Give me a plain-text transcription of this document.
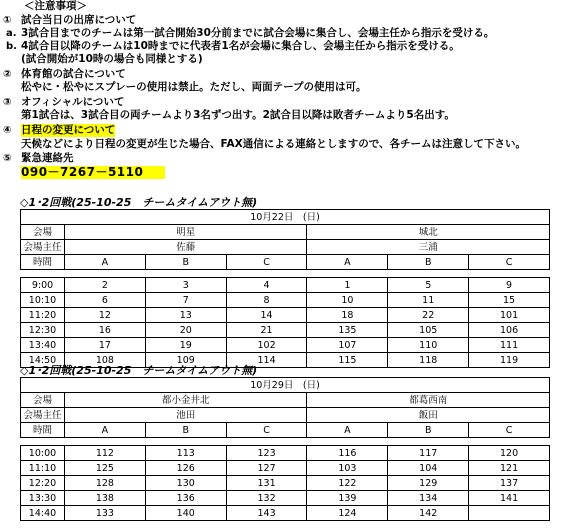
＜注意事項＞
① 試合当日の出席について
a. 3試合目までのチームは第一試合開始30分前までに試合会場に集合し、会場主任から指示を受ける。
b. 4試合目以降のチームは10時までに代表者1名が会場に集合し、会場主任から指示を受ける。
(試合開始が10時の場合も同様とする)
② 体育館の試合について
松やに・松やにスプレーの使用は禁止。ただし、両面テープの使用は可。
③ オフィシャルについて
第1試合は、3試合目の両チームより3名ずつ出す。2試合目以降は敗者チームより5名出す。
④ 日程の変更について
天候などにより日程の変更が生じた場合、FAX通信による連絡としますので、各チームは注意して下さい。
⑤ 緊急連絡先
090－7267－5110
◇1･2回戦(25-10-25　チームタイムアウト無)
10月22日　(日)						
会場	明星			城北		
会場主任	佐藤			三浦		
時間	A	B	C	A	B	C

9:00	2	3	4	1	5	9
10:10	6	7	8	10	11	15
11:20	12	13	14	18	22	101
12:30	16	20	21	135	105	106
13:40	17	19	102	107	110	111
14:50	108	109	114	115	118	119
◇1･2回戦(25-10-25　チームタイムアウト無)
10月29日　(日)						
会場	都小金井北			都葛西南		
会場主任	池田			飯田		
時間	A	B	C	A	B	C

10:00	112	113	123	116	117	120
11:10	125	126	127	103	104	121
12:20	128	130	131	122	129	137
13:30	138	136	132	139	134	141
14:40	133	140	143	124	142	
